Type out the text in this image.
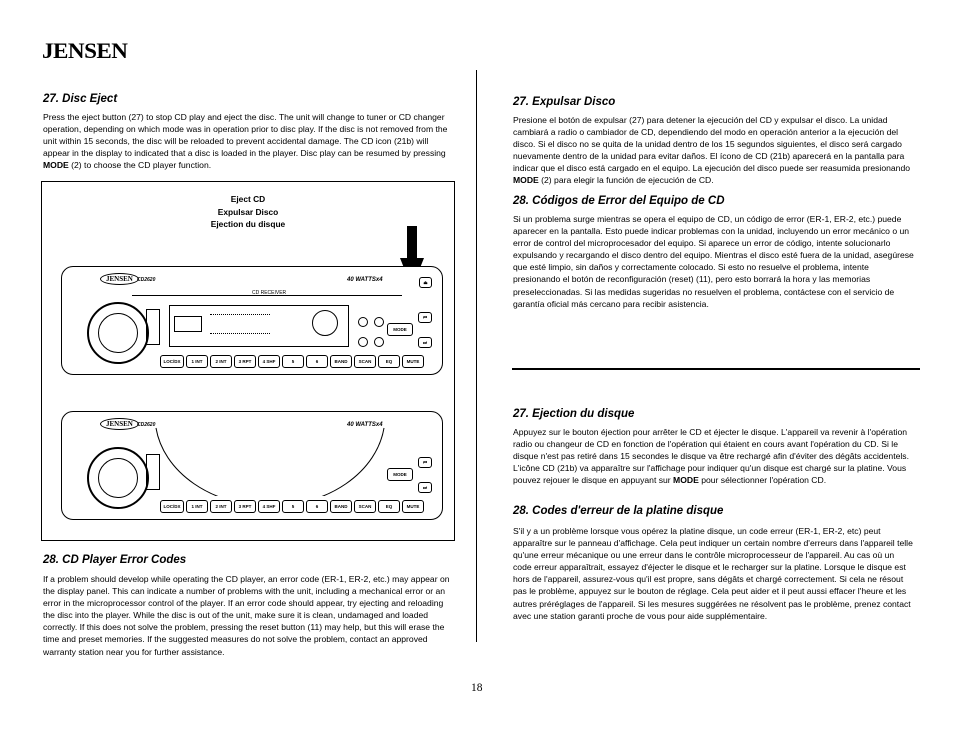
JENSEN
27. Disc Eject

Press the eject button (27) to stop CD play and eject the disc. The unit will change to tuner or CD changer operation, depending on which mode was in operation prior to disc play. If the disc is not removed from the unit within 15 seconds, the disc will be reloaded to prevent accidental damage. The CD icon (21b) will appear in the display to indicated that a disc is loaded in the player. Disc play can be resumed by pressing MODE (2) to choose the CD player function.

Eject CD
Expulsar Disco
Ejection du disque
JENSEN CD2620	40 WATTSx4
CD RECEIVER
MODE
⏮
⏭
⏏
LOC/DX	1 INT	2 INT	3 RPT	4 SHF	5	6	BAND	SCAN	EQ	MUTE
JENSEN CD2620	40 WATTSx4
MODE
⏮
⏭
LOC/DX	1 INT	2 INT	3 RPT	4 SHF	5	6	BAND	SCAN	EQ	MUTE
28. CD Player Error Codes

If a problem should develop while operating the CD player, an error code (ER-1, ER-2, etc.) may appear on the display panel. This can indicate a number of problems with the unit, including a mechanical error or an error in the microprocessor control of the player. If an error code should appear, try ejecting and reloading the disc into the player. While the disc is out of the unit, make sure it is clean, undamaged and loaded correctly. If this does not solve the problem, pressing the reset button (11) may help, but this will erase the time and preset memories. If the suggested measures do not solve the problem, contact an approved warranty station near you for further assistance.

27. Expulsar Disco

Presione el botón de expulsar (27) para detener la ejecución del CD y expulsar el disco. La unidad cambiará a radio o cambiador de CD, dependiendo del modo en operación anterior a la ejecución del disco. Si el disco no se quita de la unidad dentro de los 15 segundos siguientes, el disco será cargado nuevamente dentro de la unidad para evitar daños. El ícono de CD (21b) aparecerá en la pantalla para indicar que el disco está cargado en el equipo. La ejecución del disco puede ser reasumida presionando MODE (2) para elegir la función de ejecución de CD.

28. Códigos de Error del Equipo de CD

Si un problema surge mientras se opera el equipo de CD, un código de error (ER-1, ER-2, etc.) puede aparecer en la pantalla. Esto puede indicar problemas con la unidad, incluyendo un error mecánico o un error de control del microprocesador del equipo. Si aparece un error de código, intente solucionarlo expulsando y recargando el disco dentro del equipo. Mientras el disco esté fuera de la unidad, asegúrese que esté limpio, sin daños y correctamente colocado. Si esto no resuelve el problema, intente presionando el botón de reconfiguración (reset) (11), pero esto borrará la hora y las memorias preseleccionadas. Si las medidas sugeridas no resuelven el problema, contáctese con el servicio de garantía oficial más cercano para recibir asistencia.

27. Ejection du disque

Appuyez sur le bouton éjection pour arrêter le CD et éjecter le disque. L'appareil va revenir à l'opération radio ou changeur de CD en fonction de l'opération qui étaient en cours avant l'opération du CD. Si le disque n'est pas retiré dans 15 secondes le disque va être rechargé afin d'éviter des dégâts accidentels. L'icône CD (21b) va apparaître sur l'affichage pour indiquer qu'un disque est chargé sur la platine. Vous pouvez rejouer le disque en appuyant sur MODE pour sélectionner l'opération CD.

28. Codes d'erreur de la platine disque

S'il y a un problème lorsque vous opérez la platine disque, un code erreur (ER-1, ER-2, etc) peut apparaître sur le panneau d'affichage. Cela peut indiquer un certain nombre d'erreurs dans l'appareil telle qu'une erreur mécanique ou une erreur dans le contrôle microprocesseur de l'appareil. Au cas où un code erreur apparaîtrait, essayez d'éjecter le disque et le recharger sur la platine. Lorsque le disque est hors de l'appareil, assurez-vous qu'il est propre, sans dégâts et chargé correctement. Si cela ne résout pas le problème, appuyez sur le bouton de réglage. Cela peut aider et il peut aussi effacer l'heure et les autres préréglages de l'appareil. Si les mesures suggérées ne résolvent pas le problème, prenez contact avec une station garanti proche de vous pour aide supplémentaire.

18
